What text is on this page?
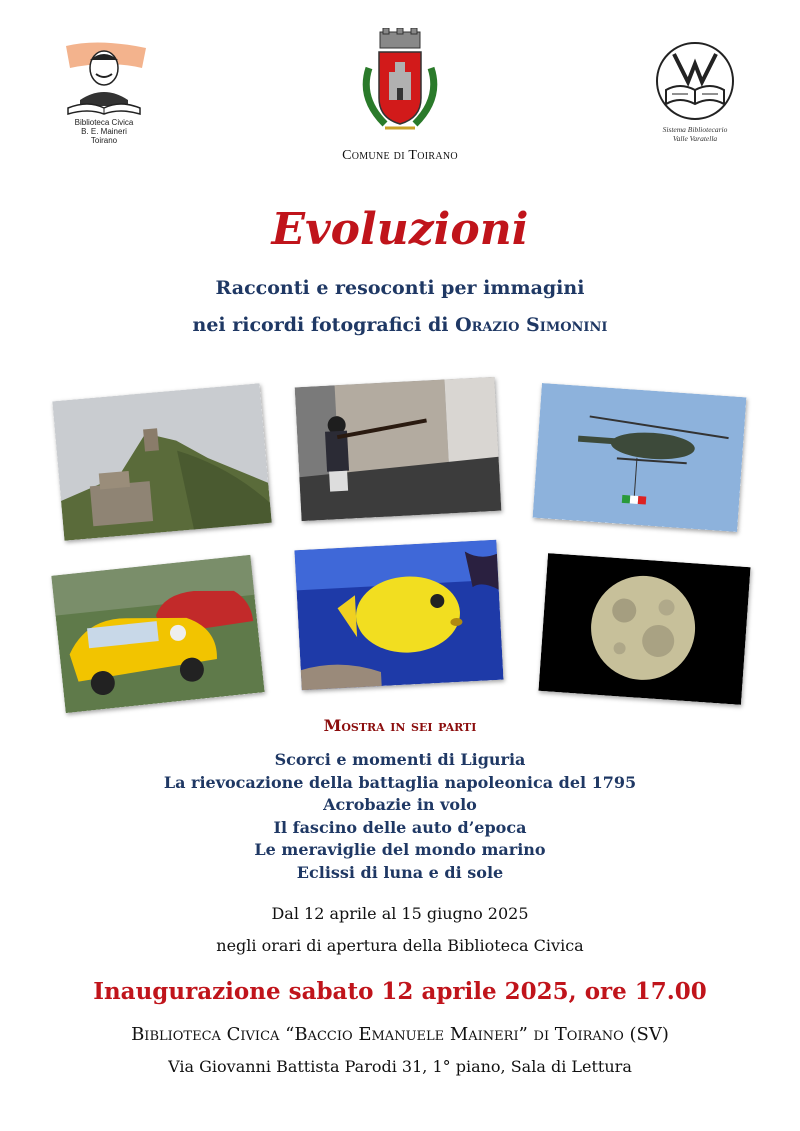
Biblioteca Civica
B. E. Maineri
Toirano
Comune di Toirano
Sistema Bibliotecario
Valle Varatella
Evoluzioni
Racconti e resoconti per immagini
nei ricordi fotografici di Orazio Simonini
Mostra in sei parti
Scorci e momenti di Liguria
La rievocazione della battaglia napoleonica del 1795
Acrobazie in volo
Il fascino delle auto d’epoca
Le meraviglie del mondo marino
Eclissi di luna e di sole
Dal 12 aprile al 15 giugno 2025
negli orari di apertura della Biblioteca Civica
Inaugurazione sabato 12 aprile 2025, ore 17.00
Biblioteca Civica “Baccio Emanuele Maineri” di Toirano (SV)
Via Giovanni Battista Parodi 31, 1° piano, Sala di Lettura
